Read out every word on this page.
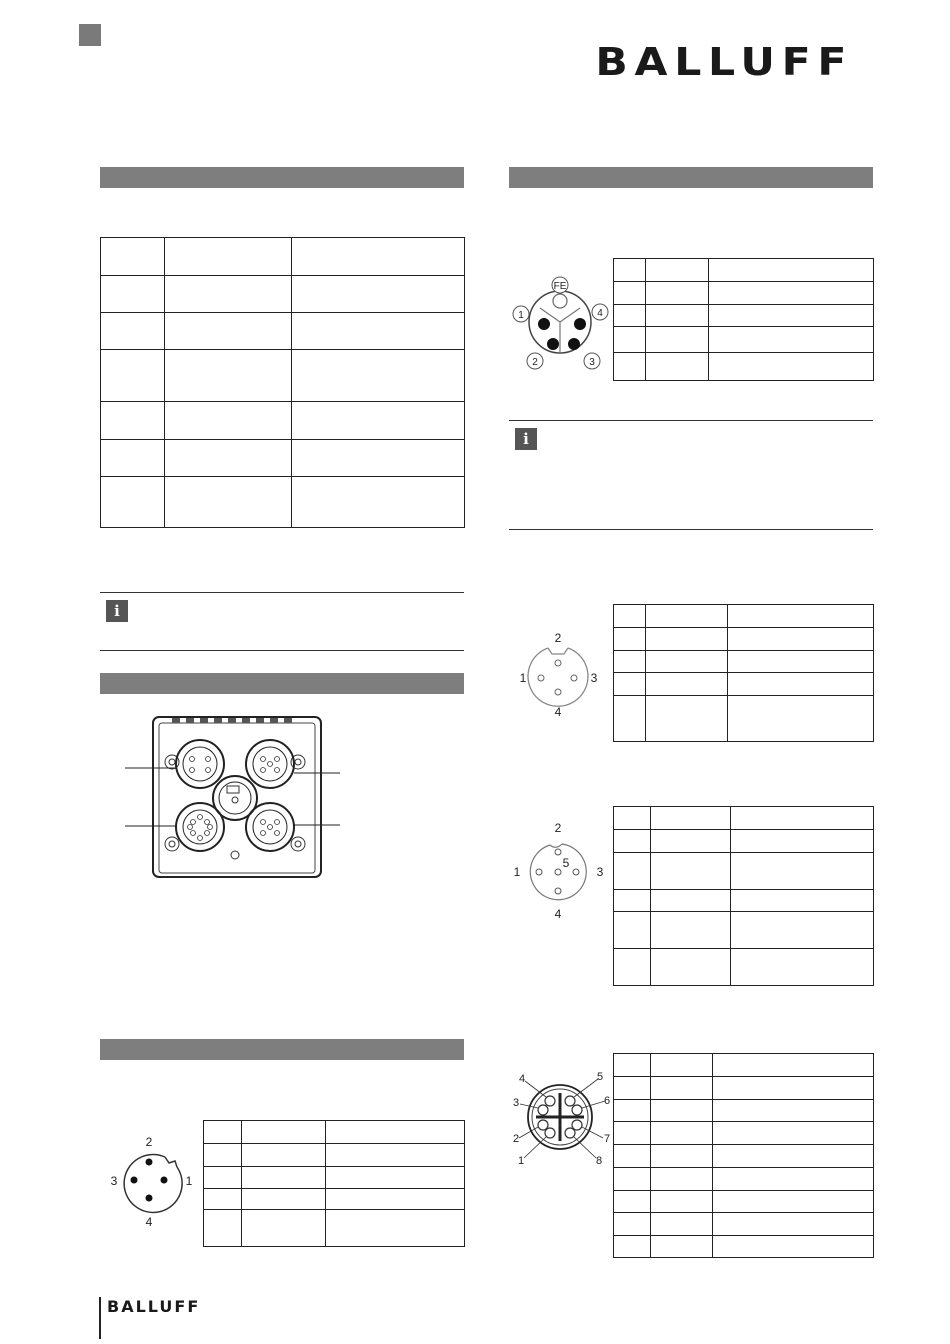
BALLUFF

i
2
3	1
4

FE
1
2	3
4

i
2
1	3
4

2
1	3
5
4

4	5
3	6
2	7
1	8

BALLUFF
